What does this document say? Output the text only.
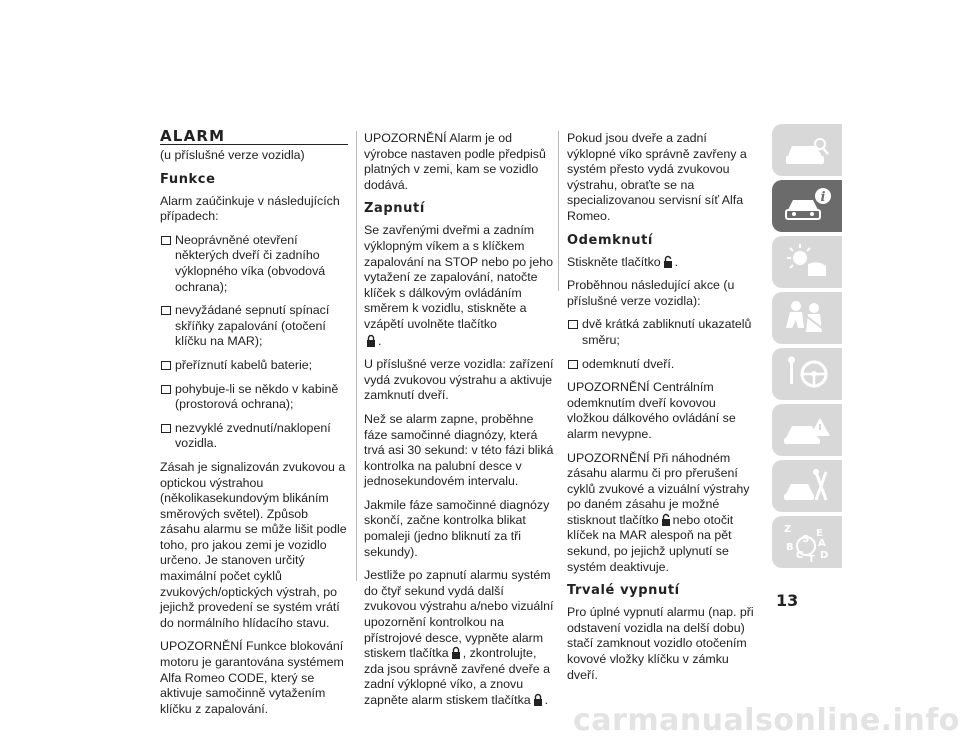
ALARM

(u příslušné verze vozidla)

Funkce

Alarm zaúčinkuje v následujících případech:

Neoprávněné otevření některých dveří či zadního výklopného víka (obvodová ochrana);
nevyžádané sepnutí spínací skříňky zapalování (otočení klíčku na MAR);
přeříznutí kabelů baterie;
pohybuje-li se někdo v kabině (prostorová ochrana);
nezvyklé zvednutí/naklopení vozidla.

Zásah je signalizován zvukovou a optickou výstrahou (několikasekundovým blikáním směrových světel). Způsob zásahu alarmu se může lišit podle toho, pro jakou zemi je vozidlo určeno. Je stanoven určitý maximální počet cyklů zvukových/optických výstrah, po jejichž provedení se systém vrátí do normálního hlídacího stavu.

UPOZORNĚNÍ Funkce blokování motoru je garantována systémem Alfa Romeo CODE, který se aktivuje samočinně vytažením klíčku z zapalování.

UPOZORNĚNÍ Alarm je od výrobce nastaven podle předpisů platných v zemi, kam se vozidlo dodává.

Zapnutí

Se zavřenými dveřmi a zadním výklopným víkem a s klíčkem zapalování na STOP nebo po jeho vytažení ze zapalování, natočte klíček s dálkovým ovládáním směrem k vozidlu, stiskněte a vzápětí uvolněte tlačítko
.

U příslušné verze vozidla: zařízení vydá zvukovou výstrahu a aktivuje zamknutí dveří.

Než se alarm zapne, proběhne fáze samočinné diagnózy, která trvá asi 30 sekund: v této fázi bliká kontrolka na palubní desce v jednosekundovém intervalu.

Jakmile fáze samočinné diagnózy skončí, začne kontrolka blikat pomaleji (jedno bliknutí za tři sekundy).

Jestliže po zapnutí alarmu systém do čtyř sekund vydá další zvukovou výstrahu a/nebo vizuální upozornění kontrolkou na přístrojové desce, vypněte alarm stiskem tlačítka , zkontrolujte, zda jsou správně zavřené dveře a zadní výklopné víko, a znovu zapněte alarm stiskem tlačítka .

Pokud jsou dveře a zadní výklopné víko správně zavřeny a systém přesto vydá zvukovou výstrahu, obraťte se na specializovanou servisní síť Alfa Romeo.

Odemknutí

Stiskněte tlačítko .

Proběhnou následující akce (u příslušné verze vozidla):

dvě krátká zabliknutí ukazatelů směru;
odemknutí dveří.

UPOZORNĚNÍ Centrálním odemknutím dveří kovovou vložkou dálkového ovládání se alarm nevypne.

UPOZORNĚNÍ Při náhodném zásahu alarmu či pro přerušení cyklů zvukové a vizuální výstrahy po daném zásahu je možné stisknout tlačítko nebo otočit klíček na MAR alespoň na pět sekund, po jejichž uplynutí se systém deaktivuje.

Trvalé vypnutí

Pro úplné vypnutí alarmu (nap. při odstavení vozidla na delší dobu) stačí zamknout vozidlo otočením kovové vložky klíčku v zámku dveří.

i
Z E
A
B
S
C D
T
13
carmanualsonline.info
